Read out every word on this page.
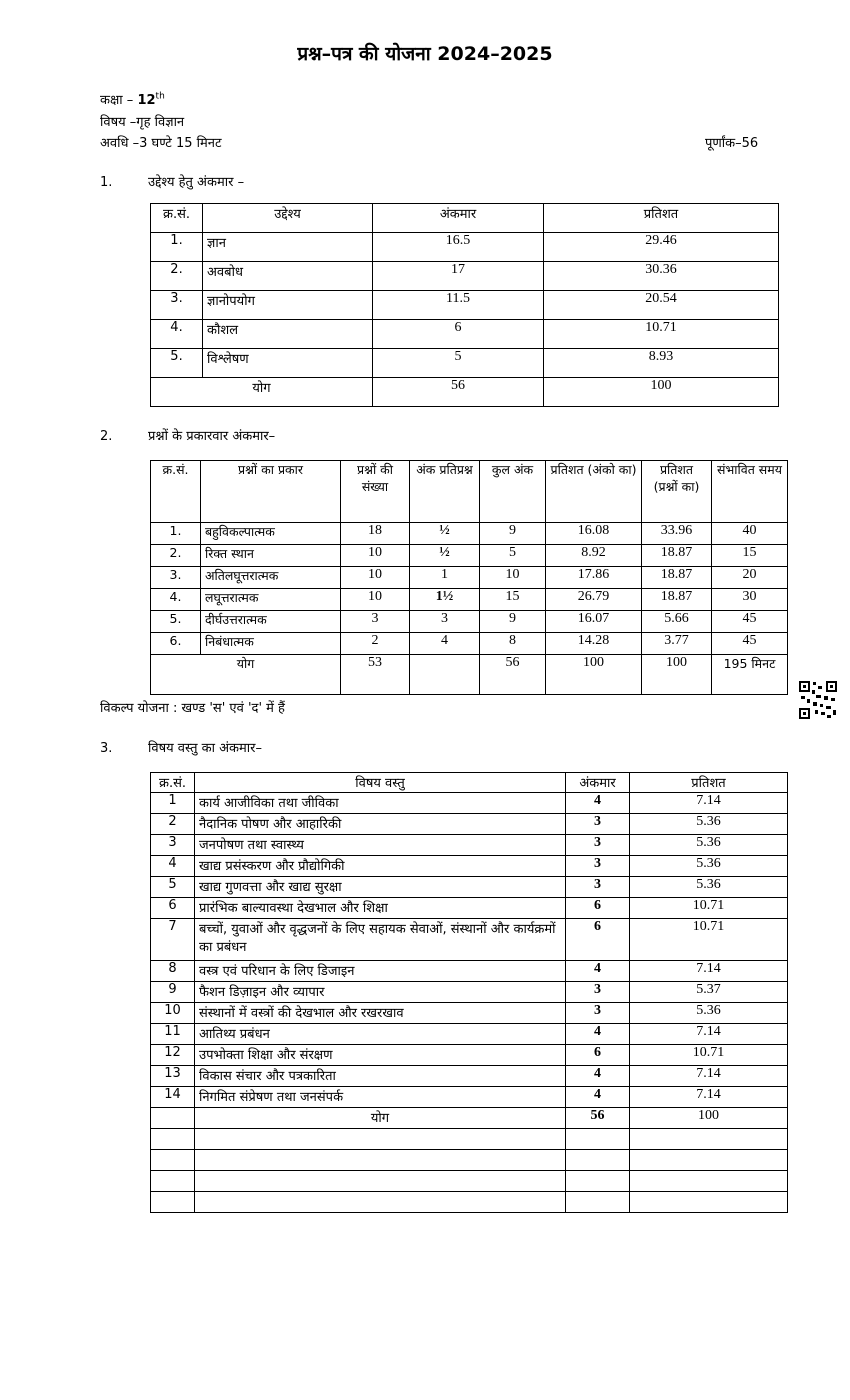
प्रश्न–पत्र की योजना 2024–2025
कक्षा – 12th
विषय –गृह विज्ञान
अवधि –3 घण्टे 15 मिनट	पूर्णांक–56
1.	उद्देश्य हेतु अंकमार –
क्र.सं.	उद्देश्य	अंकमार	प्रतिशत
1.	ज्ञान	16.5	29.46
2.	अवबोध	17	30.36
3.	ज्ञानोपयोग	11.5	20.54
4.	कौशल	6	10.71
5.	विश्लेषण	5	8.93
योग		56	100
2.	प्रश्नों के प्रकारवार अंकमार–
क्र.सं.	प्रश्नों का प्रकार	प्रश्नों की संख्या	अंक प्रतिप्रश्न	कुल अंक	प्रतिशत (अंको का)	प्रतिशत (प्रश्नों का)	संभावित समय
1.	बहुविकल्पात्मक	18	½	9	16.08	33.96	40
2.	रिक्त स्थान	10	½	5	8.92	18.87	15
3.	अतिलघूत्तरात्मक	10	1	10	17.86	18.87	20
4.	लघूत्तरात्मक	10	1½	15	26.79	18.87	30
5.	दीर्घउत्तरात्मक	3	3	9	16.07	5.66	45
6.	निबंधात्मक	2	4	8	14.28	3.77	45
योग		53		56	100	100	195 मिनट
विकल्प योजना : खण्ड 'स' एवं 'द' में हैं
3.	विषय वस्तु का अंकमार–
क्र.सं.	विषय वस्तु	अंकमार	प्रतिशत
1	कार्य आजीविका तथा जीविका	4	7.14
2	नैदानिक पोषण और आहारिकी	3	5.36
3	जनपोषण तथा स्वास्थ्य	3	5.36
4	खाद्य प्रसंस्करण और प्रौद्योगिकी	3	5.36
5	खाद्य गुणवत्ता और खाद्य सुरक्षा	3	5.36
6	प्रारंभिक बाल्यावस्था देखभाल और शिक्षा	6	10.71
7	बच्चों, युवाओं और वृद्धजनों के लिए सहायक सेवाओं, संस्थानों और कार्यक्रमों का प्रबंधन	6	10.71
8	वस्त्र एवं परिधान के लिए डिजाइन	4	7.14
9	फैशन डिज़ाइन और व्यापार	3	5.37
10	संस्थानों में वस्त्रों की देखभाल और रखरखाव	3	5.36
11	आतिथ्य प्रबंधन	4	7.14
12	उपभोक्ता शिक्षा और संरक्षण	6	10.71
13	विकास संचार और पत्रकारिता	4	7.14
14	निगमित संप्रेषण तथा जनसंपर्क	4	7.14
	योग	56	100
